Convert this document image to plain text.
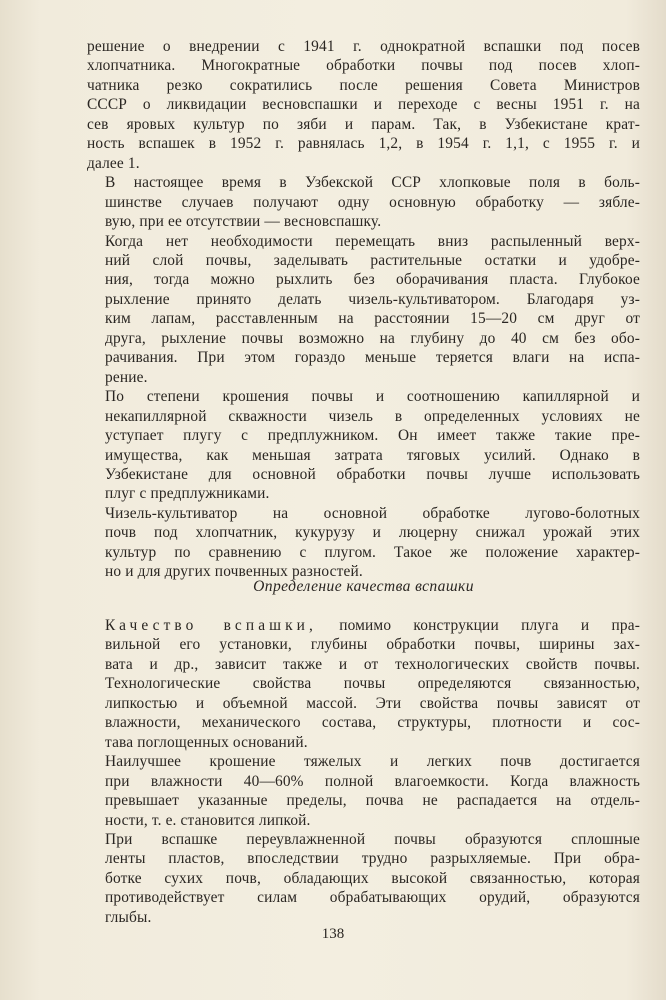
решение о внедрении с 1941 г. однократной вспашки под посев
хлопчатника. Многократные обработки почвы под посев хлоп-
чатника резко сократились после решения Совета Министров
СССР о ликвидации весновспашки и переходе с весны 1951 г. на
сев яровых культур по зяби и парам. Так, в Узбекистане крат-
ность вспашек в 1952 г. равнялась 1,2, в 1954 г. 1,1, с 1955 г. и
далее 1.

В настоящее время в Узбекской ССР хлопковые поля в боль-
шинстве случаев получают одну основную обработку — зябле-
вую, при ее отсутствии — весновспашку.

Когда нет необходимости перемещать вниз распыленный верх-
ний слой почвы, заделывать растительные остатки и удобре-
ния, тогда можно рыхлить без оборачивания пласта. Глубокое
рыхление принято делать чизель-культиватором. Благодаря уз-
ким лапам, расставленным на расстоянии 15—20 см друг от
друга, рыхление почвы возможно на глубину до 40 см без обо-
рачивания. При этом гораздо меньше теряется влаги на испа-
рение.

По степени крошения почвы и соотношению капиллярной и
некапиллярной скважности чизель в определенных условиях не
уступает плугу с предплужником. Он имеет также такие пре-
имущества, как меньшая затрата тяговых усилий. Однако в
Узбекистане для основной обработки почвы лучше использовать
плуг с предплужниками.

Чизель-культиватор на основной обработке лугово-болотных
почв под хлопчатник, кукурузу и люцерну снижал урожай этих
культур по сравнению с плугом. Такое же положение характер-
но и для других почвенных разностей.

Определение качества вспашки

Качество вспашки, помимо конструкции плуга и пра-
вильной его установки, глубины обработки почвы, ширины зах-
вата и др., зависит также и от технологических свойств почвы.
Технологические свойства почвы определяются связанностью,
липкостью и объемной массой. Эти свойства почвы зависят от
влажности, механического состава, структуры, плотности и сос-
тава поглощенных оснований.

Наилучшее крошение тяжелых и легких почв достигается
при влажности 40—60% полной влагоемкости. Когда влажность
превышает указанные пределы, почва не распадается на отдель-
ности, т. е. становится липкой.

При вспашке переувлажненной почвы образуются сплошные
ленты пластов, впоследствии трудно разрыхляемые. При обра-
ботке сухих почв, обладающих высокой связанностью, которая
противодействует силам обрабатывающих орудий, образуются
глыбы.

138
